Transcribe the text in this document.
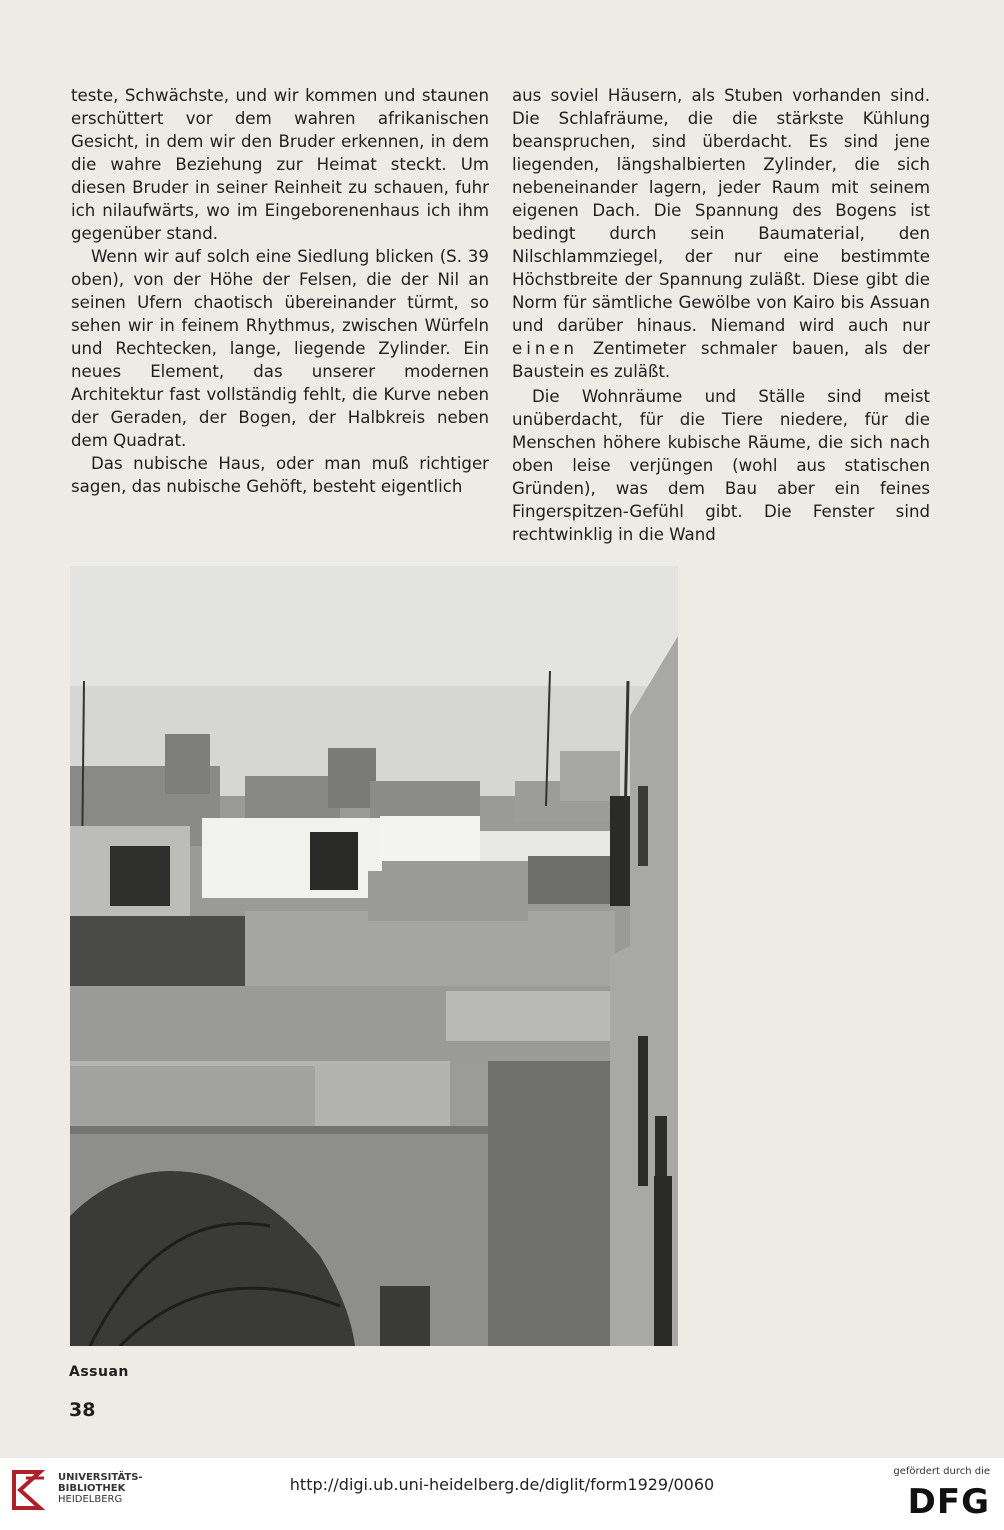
teste, Schwächste, und wir kommen und staunen erschüttert vor dem wahren afrikanischen Gesicht, in dem wir den Bruder erkennen, in dem die wahre Beziehung zur Heimat steckt. Um diesen Bruder in seiner Reinheit zu schauen, fuhr ich nilaufwärts, wo im Eingeborenenhaus ich ihm gegenüber stand.

Wenn wir auf solch eine Siedlung blicken (S. 39 oben), von der Höhe der Felsen, die der Nil an seinen Ufern chaotisch übereinander türmt, so sehen wir in feinem Rhythmus, zwischen Würfeln und Rechtecken, lange, liegende Zylinder. Ein neues Element, das unserer modernen Architektur fast vollständig fehlt, die Kurve neben der Geraden, der Bogen, der Halbkreis neben dem Quadrat.

Das nubische Haus, oder man muß richtiger sagen, das nubische Gehöft, besteht eigentlich

aus soviel Häusern, als Stuben vorhanden sind. Die Schlafräume, die die stärkste Kühlung beanspruchen, sind überdacht. Es sind jene liegenden, längshalbierten Zylinder, die sich nebeneinander lagern, jeder Raum mit seinem eigenen Dach. Die Spannung des Bogens ist bedingt durch sein Baumaterial, den Nilschlammziegel, der nur eine bestimmte Höchstbreite der Spannung zuläßt. Diese gibt die Norm für sämtliche Gewölbe von Kairo bis Assuan und darüber hinaus. Niemand wird auch nur einen Zentimeter schmaler bauen, als der Baustein es zuläßt.

Die Wohnräume und Ställe sind meist unüberdacht, für die Tiere niedere, für die Menschen höhere kubische Räume, die sich nach oben leise verjüngen (wohl aus statischen Gründen), was dem Bau aber ein feines Fingerspitzen-Gefühl gibt. Die Fenster sind rechtwinklig in die Wand

Assuan
38
UNIVERSITÄTS-
BIBLIOTHEK
HEIDELBERG
http://digi.ub.uni-heidelberg.de/diglit/form1929/0060
gefördert durch die
DFG
